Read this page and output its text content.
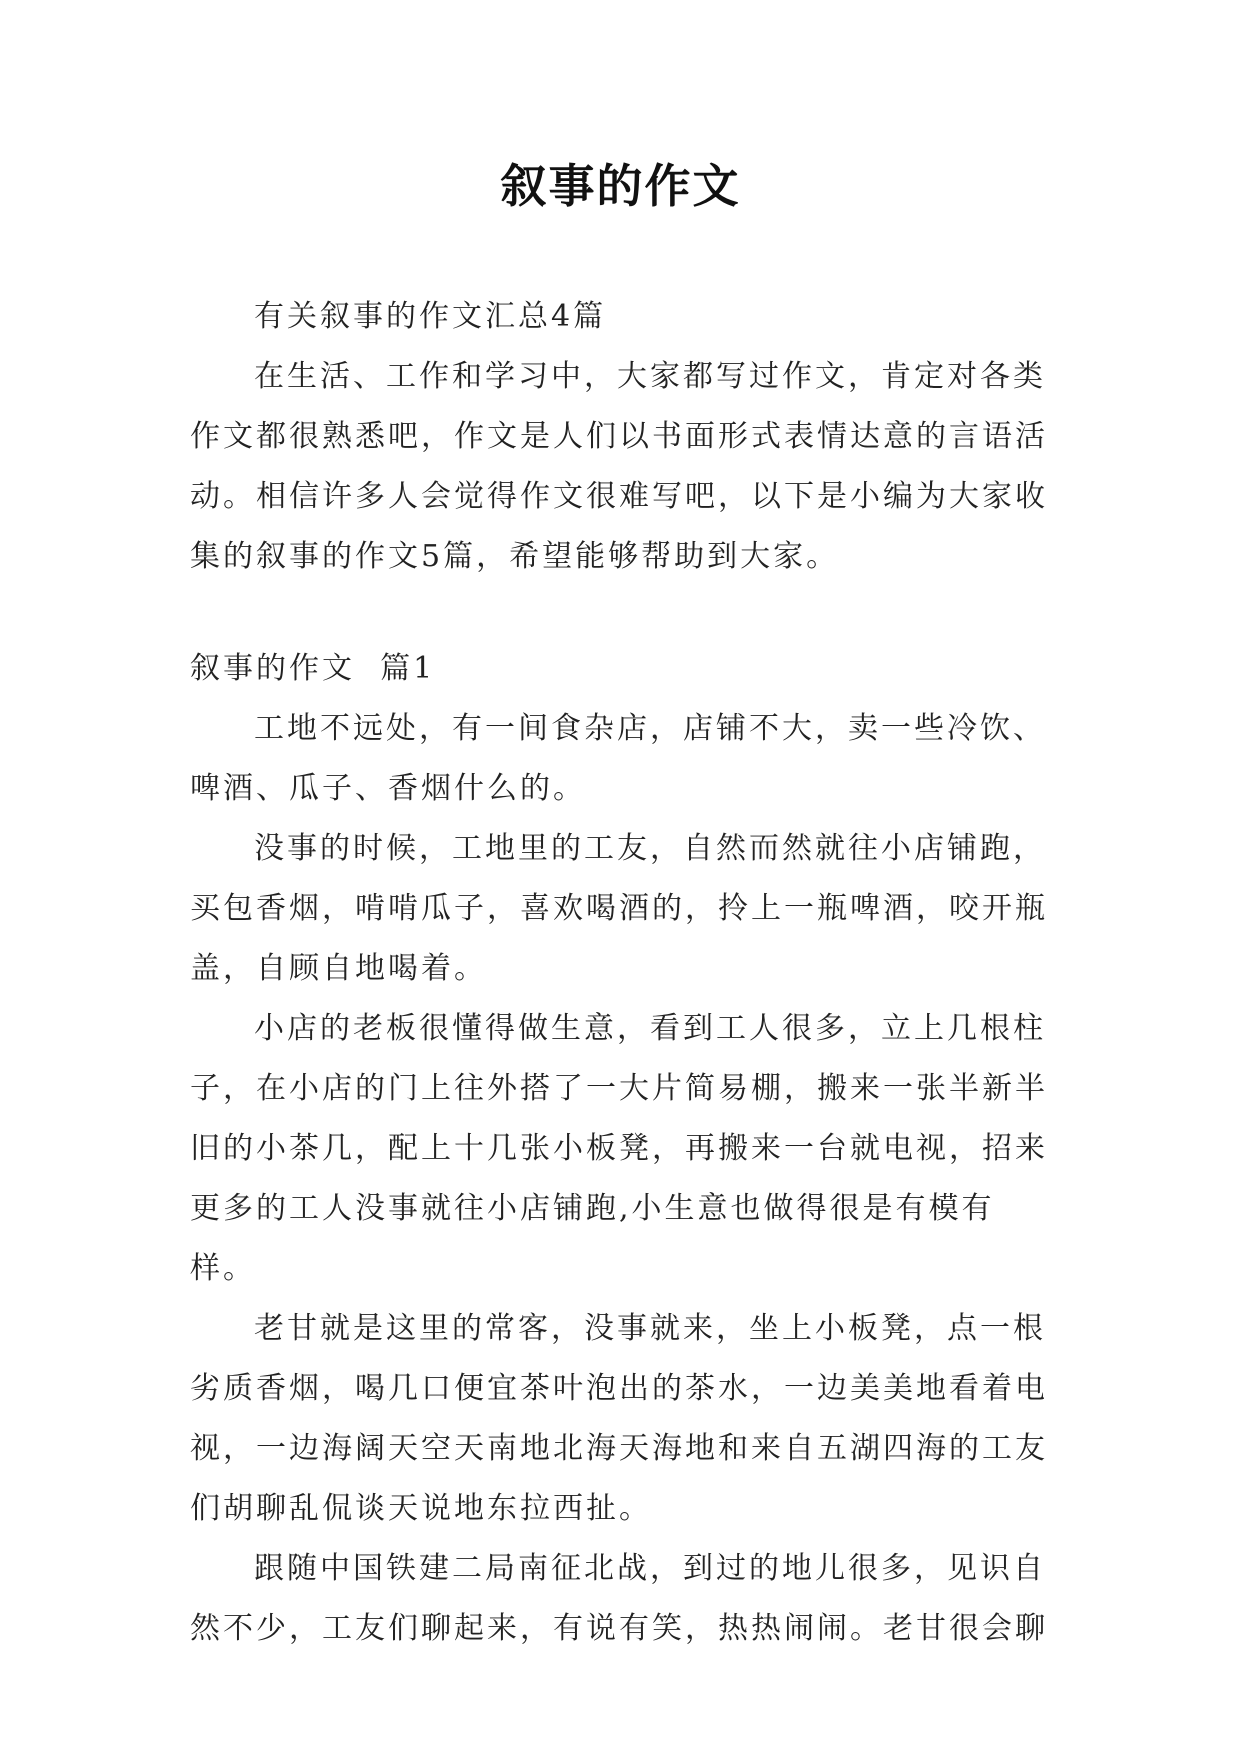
叙事的作文

有关叙事的作文汇总4篇

在生活、工作和学习中，大家都写过作文，肯定对各类作文都很熟悉吧，作文是人们以书面形式表情达意的言语活动。相信许多人会觉得作文很难写吧，以下是小编为大家收集的叙事的作文5篇，希望能够帮助到大家。

叙事的作文  篇1

工地不远处，有一间食杂店，店铺不大，卖一些冷饮、啤酒、瓜子、香烟什么的。

没事的时候，工地里的工友，自然而然就往小店铺跑，买包香烟，啃啃瓜子，喜欢喝酒的，拎上一瓶啤酒，咬开瓶盖，自顾自地喝着。

小店的老板很懂得做生意，看到工人很多，立上几根柱子，在小店的门上往外搭了一大片简易棚，搬来一张半新半旧的小茶几，配上十几张小板凳，再搬来一台就电视，招来更多的工人没事就往小店铺跑,小生意也做得很是有模有样。

老甘就是这里的常客，没事就来，坐上小板凳，点一根劣质香烟，喝几口便宜茶叶泡出的茶水，一边美美地看着电视，一边海阔天空天南地北海天海地和来自五湖四海的工友们胡聊乱侃谈天说地东拉西扯。

跟随中国铁建二局南征北战，到过的地儿很多，见识自然不少，工友们聊起来，有说有笑，热热闹闹。老甘很会聊
